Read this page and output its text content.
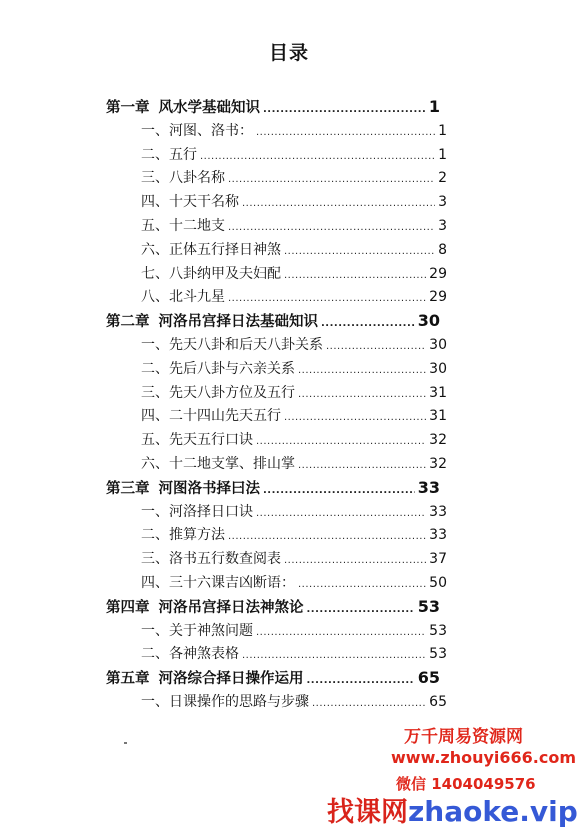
目录
第一章 风水学基础知识 .....	1
一、河图、洛书： .....	1
二、五行 .....	1
三、八卦名称 .....	2
四、十天干名称 .....	3
五、十二地支 .....	3
六、正体五行择日神煞 .....	8
七、八卦纳甲及夫妇配 .....	29
八、北斗九星 .....	29
第二章 河洛吊宫择日法基础知识 .....	30
一、先天八卦和后天八卦关系 .....	30
二、先后八卦与六亲关系 .....	30
三、先天八卦方位及五行 .....	31
四、二十四山先天五行 .....	31
五、先天五行口诀 .....	32
六、十二地支掌、排山掌 .....	32
第三章 河图洛书择曰法 .....	33
一、河洛择日口诀 .....	33
二、推算方法 .....	33
三、洛书五行数查阅表 .....	37
四、三十六课吉凶断语： .....	50
第四章 河洛吊宫择日法神煞论 .....	53
一、关于神煞问题 .....	53
二、各神煞表格 .....	53
第五章 河洛综合择日操作运用 .....	65
一、日课操作的思路与步骤 .....	65
万千周易资源网
www.zhouyi666.com
微信 1404049576
找课网zhaoke.vip
